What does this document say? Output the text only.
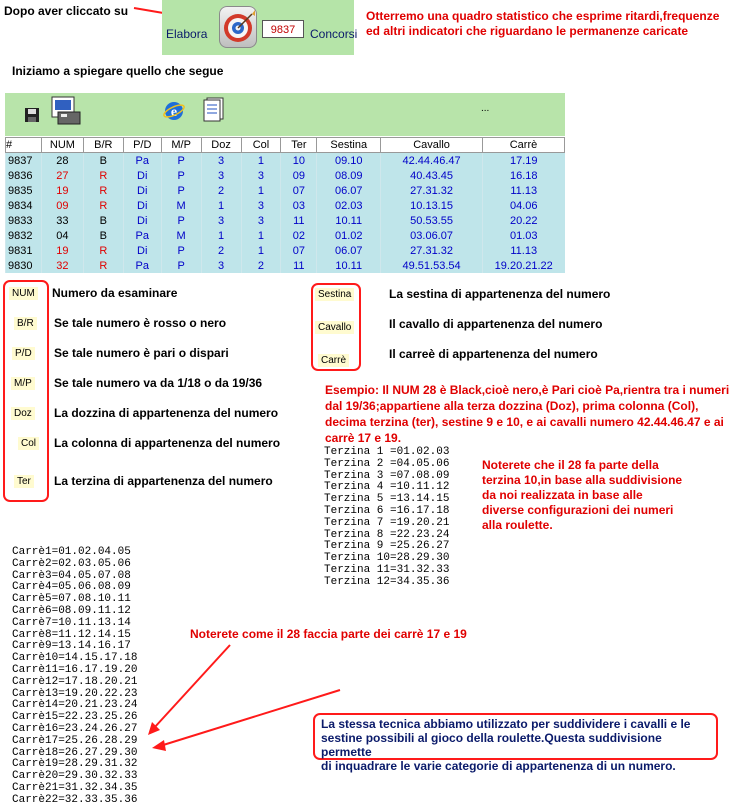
Dopo aver cliccato su
Elabora	9837	Concorsi
Otterremo una quadro statistico che esprime ritardi,frequenze
ed altri indicatori che riguardano le permanenze caricate
Iniziamo a spiegare quello che segue
e	...
#	NUM	B/R	P/D	M/P	Doz	Col	Ter	Sestina	Cavallo	Carrè
9837	28	B	Pa	P	3	1	10	09.10	42.44.46.47	17.19
9836	27	R	Di	P	3	3	09	08.09	40.43.45	16.18
9835	19	R	Di	P	2	1	07	06.07	27.31.32	11.13
9834	09	R	Di	M	1	3	03	02.03	10.13.15	04.06
9833	33	B	Di	P	3	3	11	10.11	50.53.55	20.22
9832	04	B	Pa	M	1	1	02	01.02	03.06.07	01.03
9831	19	R	Di	P	2	1	07	06.07	27.31.32	11.13
9830	32	R	Pa	P	3	2	11	10.11	49.51.53.54	19.20.21.22
NUM Numero da esaminare
B/R Se tale numero è rosso o nero
P/D Se tale numero è pari o dispari
M/P Se tale numero va da 1/18 o da 19/36
Doz La dozzina di appartenenza del numero
Col La colonna di appartenenza del numero
Ter La terzina di appartenenza del numero
Sestina	La sestina di appartenenza del numero
Cavallo	Il cavallo di appartenenza del numero
Carrè	Il carreè di appartenenza del numero
Esempio: Il NUM 28 è Black,cioè nero,è Pari cioè Pa,rientra tra i numeri
dal 19/36;appartiene alla terza dozzina (Doz), prima colonna (Col),
decima terzina (ter), sestine 9 e 10, e ai cavalli numero 42.44.46.47 e ai
carrè 17 e 19.
Terzina 1 =01.02.03
Terzina 2 =04.05.06
Terzina 3 =07.08.09
Terzina 4 =10.11.12
Terzina 5 =13.14.15
Terzina 6 =16.17.18
Terzina 7 =19.20.21
Terzina 8 =22.23.24
Terzina 9 =25.26.27
Terzina 10=28.29.30
Terzina 11=31.32.33
Terzina 12=34.35.36
Noterete che il 28 fa parte della
terzina 10,in base alla suddivisione
da noi realizzata in base alle
diverse configurazioni dei numeri
alla roulette.
Carrè1=01.02.04.05
Carrè2=02.03.05.06
Carrè3=04.05.07.08
Carrè4=05.06.08.09
Carrè5=07.08.10.11
Carrè6=08.09.11.12
Carrè7=10.11.13.14
Carrè8=11.12.14.15
Carrè9=13.14.16.17
Carrè10=14.15.17.18
Carrè11=16.17.19.20
Carrè12=17.18.20.21
Carrè13=19.20.22.23
Carrè14=20.21.23.24
Carrè15=22.23.25.26
Carrè16=23.24.26.27
Carrè17=25.26.28.29
Carrè18=26.27.29.30
Carrè19=28.29.31.32
Carrè20=29.30.32.33
Carrè21=31.32.34.35
Carrè22=32.33.35.36
Noterete come il 28 faccia parte dei carrè 17 e 19
La stessa tecnica abbiamo utilizzato per suddividere i cavalli e le
sestine possibili al gioco della roulette.Questa suddivisione permette
di inquadrare le varie categorie di appartenenza di un numero.
